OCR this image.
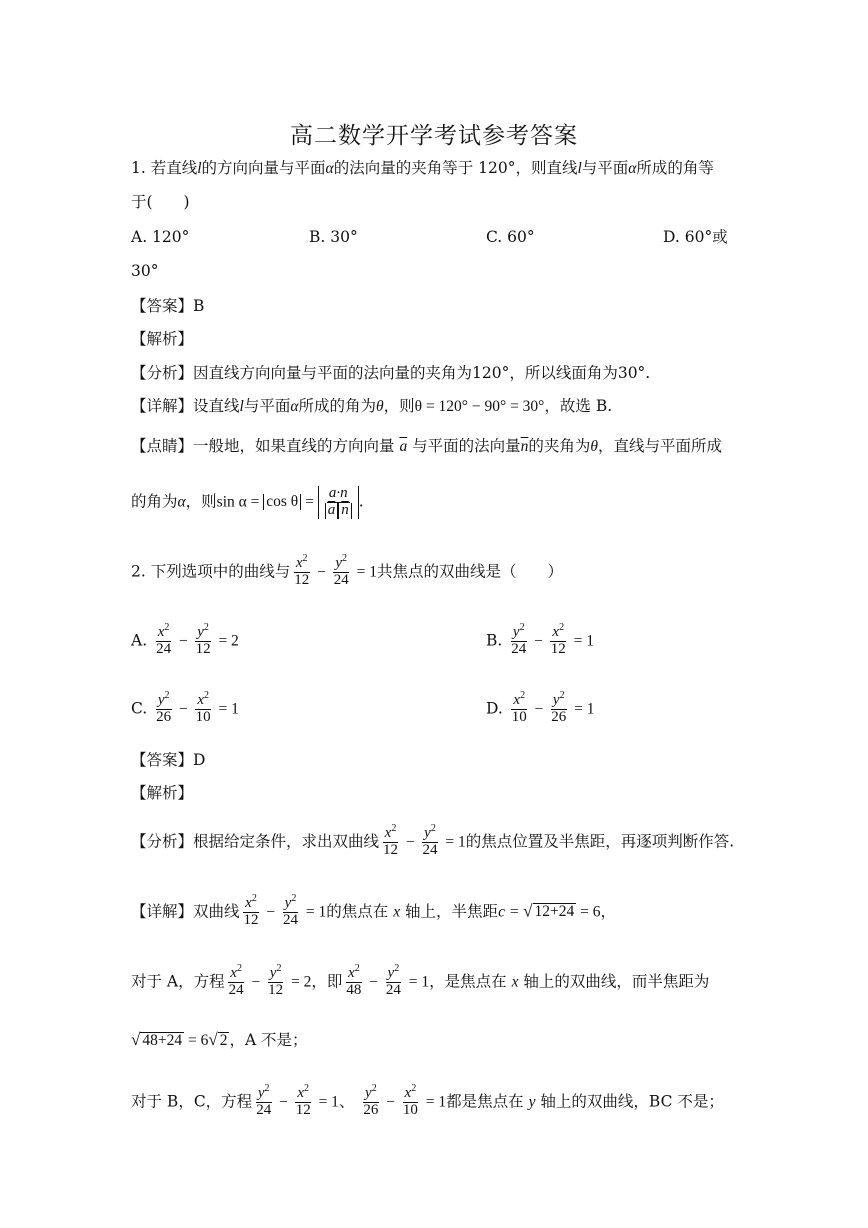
高二数学开学考试参考答案
1. 若直线l的方向向量与平面α的法向量的夹角等于 120°，则直线l与平面α所成的角等
于(　　)
A. 120°	B. 30°	C. 60°	D. 60°或
30°
【答案】B
【解析】
【分析】因直线方向向量与平面的法向量的夹角为120°，所以线面角为30°.
【详解】设直线l与平面α所成的角为θ，则θ = 120° − 90° = 30°，故选 B.
【点睛】一般地，如果直线的方向向量 $\overline{a}$ 与平面的法向量$\overline{n}$的夹角为θ，直线与平面所成
的角为α，则$\sin \alpha = \cos \theta = \frac{a\cdot n}{\overline{a} \overline{n}}$ .
2. 下列选项中的曲线与 $\frac{x^2}{12} - \frac{y^2}{24} = 1$共焦点的双曲线是（　　）
A. $\frac{x^2}{24} - \frac{y^2}{12} = 2$	B. $\frac{y^2}{24} - \frac{x^2}{12} = 1$
C. $\frac{y^2}{26} - \frac{x^2}{10} = 1$	D. $\frac{x^2}{10} - \frac{y^2}{26} = 1$
【答案】D
【解析】
【分析】根据给定条件，求出双曲线 $\frac{x^2}{12} - \frac{y^2}{24} = 1$的焦点位置及半焦距，再逐项判断作答.
【详解】双曲线 $\frac{x^2}{12} - \frac{y^2}{24} = 1$的焦点在 x 轴上，半焦距c = √ 12+24 = 6，
对于 A，方程 $\frac{x^2}{24} - \frac{y^2}{12} = 2$，即 $\frac{x^2}{48} - \frac{y^2}{24} = 1$，是焦点在 x 轴上的双曲线，而半焦距为
√ 48+24 = 6√ 2 ，A 不是；
对于 B，C，方程 $\frac{y^2}{24} - \frac{x^2}{12} = 1$、 $\frac{y^2}{26} - \frac{x^2}{10} = 1$都是焦点在 y 轴上的双曲线，BC 不是；
